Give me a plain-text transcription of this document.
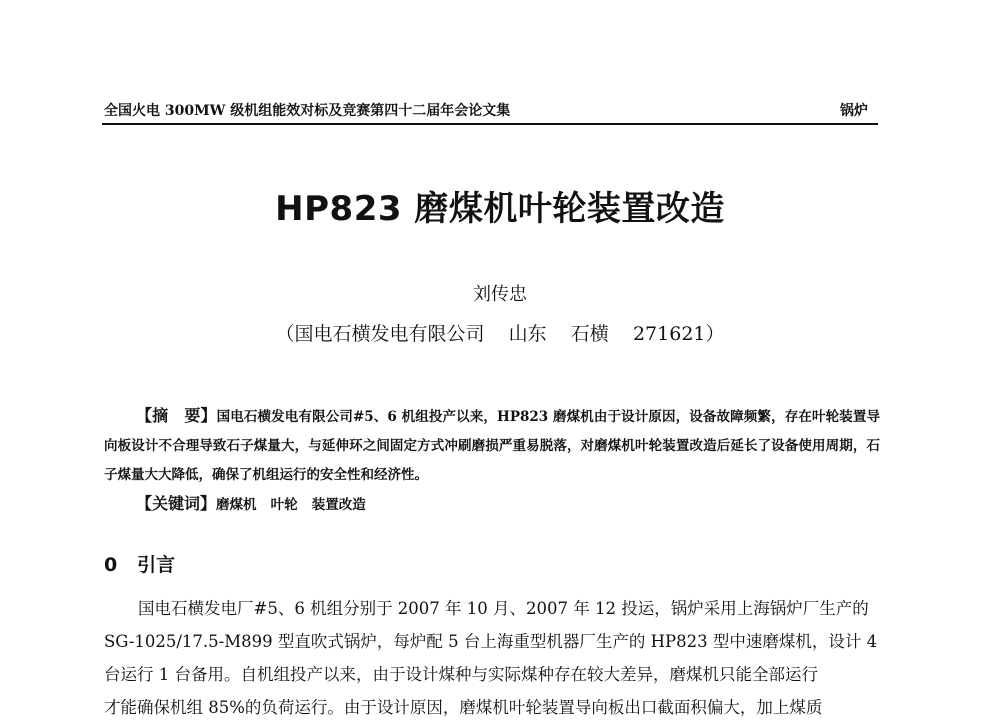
全国火电 300MW 级机组能效对标及竞赛第四十二届年会论文集	锅炉
HP823 磨煤机叶轮装置改造
刘传忠
（国电石横发电有限公司    山东    石横    271621）
【摘　要】国电石横发电有限公司#5、6 机组投产以来，HP823 磨煤机由于设计原因，设备故障频繁，存在叶轮装置导向板设计不合理导致石子煤量大，与延伸环之间固定方式冲刷磨损严重易脱落，对磨煤机叶轮装置改造后延长了设备使用周期，石子煤量大大降低，确保了机组运行的安全性和经济性。
【关键词】磨煤机   叶轮   装置改造
0 引言
国电石横发电厂#5、6 机组分别于 2007 年 10 月、2007 年 12 投运，锅炉采用上海锅炉厂生产的
SG-1025/17.5-M899 型直吹式锅炉，每炉配 5 台上海重型机器厂生产的 HP823 型中速磨煤机，设计 4
台运行 1 台备用。自机组投产以来，由于设计煤种与实际煤种存在较大差异，磨煤机只能全部运行
才能确保机组 85%的负荷运行。由于设计原因，磨煤机叶轮装置导向板出口截面积偏大，加上煤质
